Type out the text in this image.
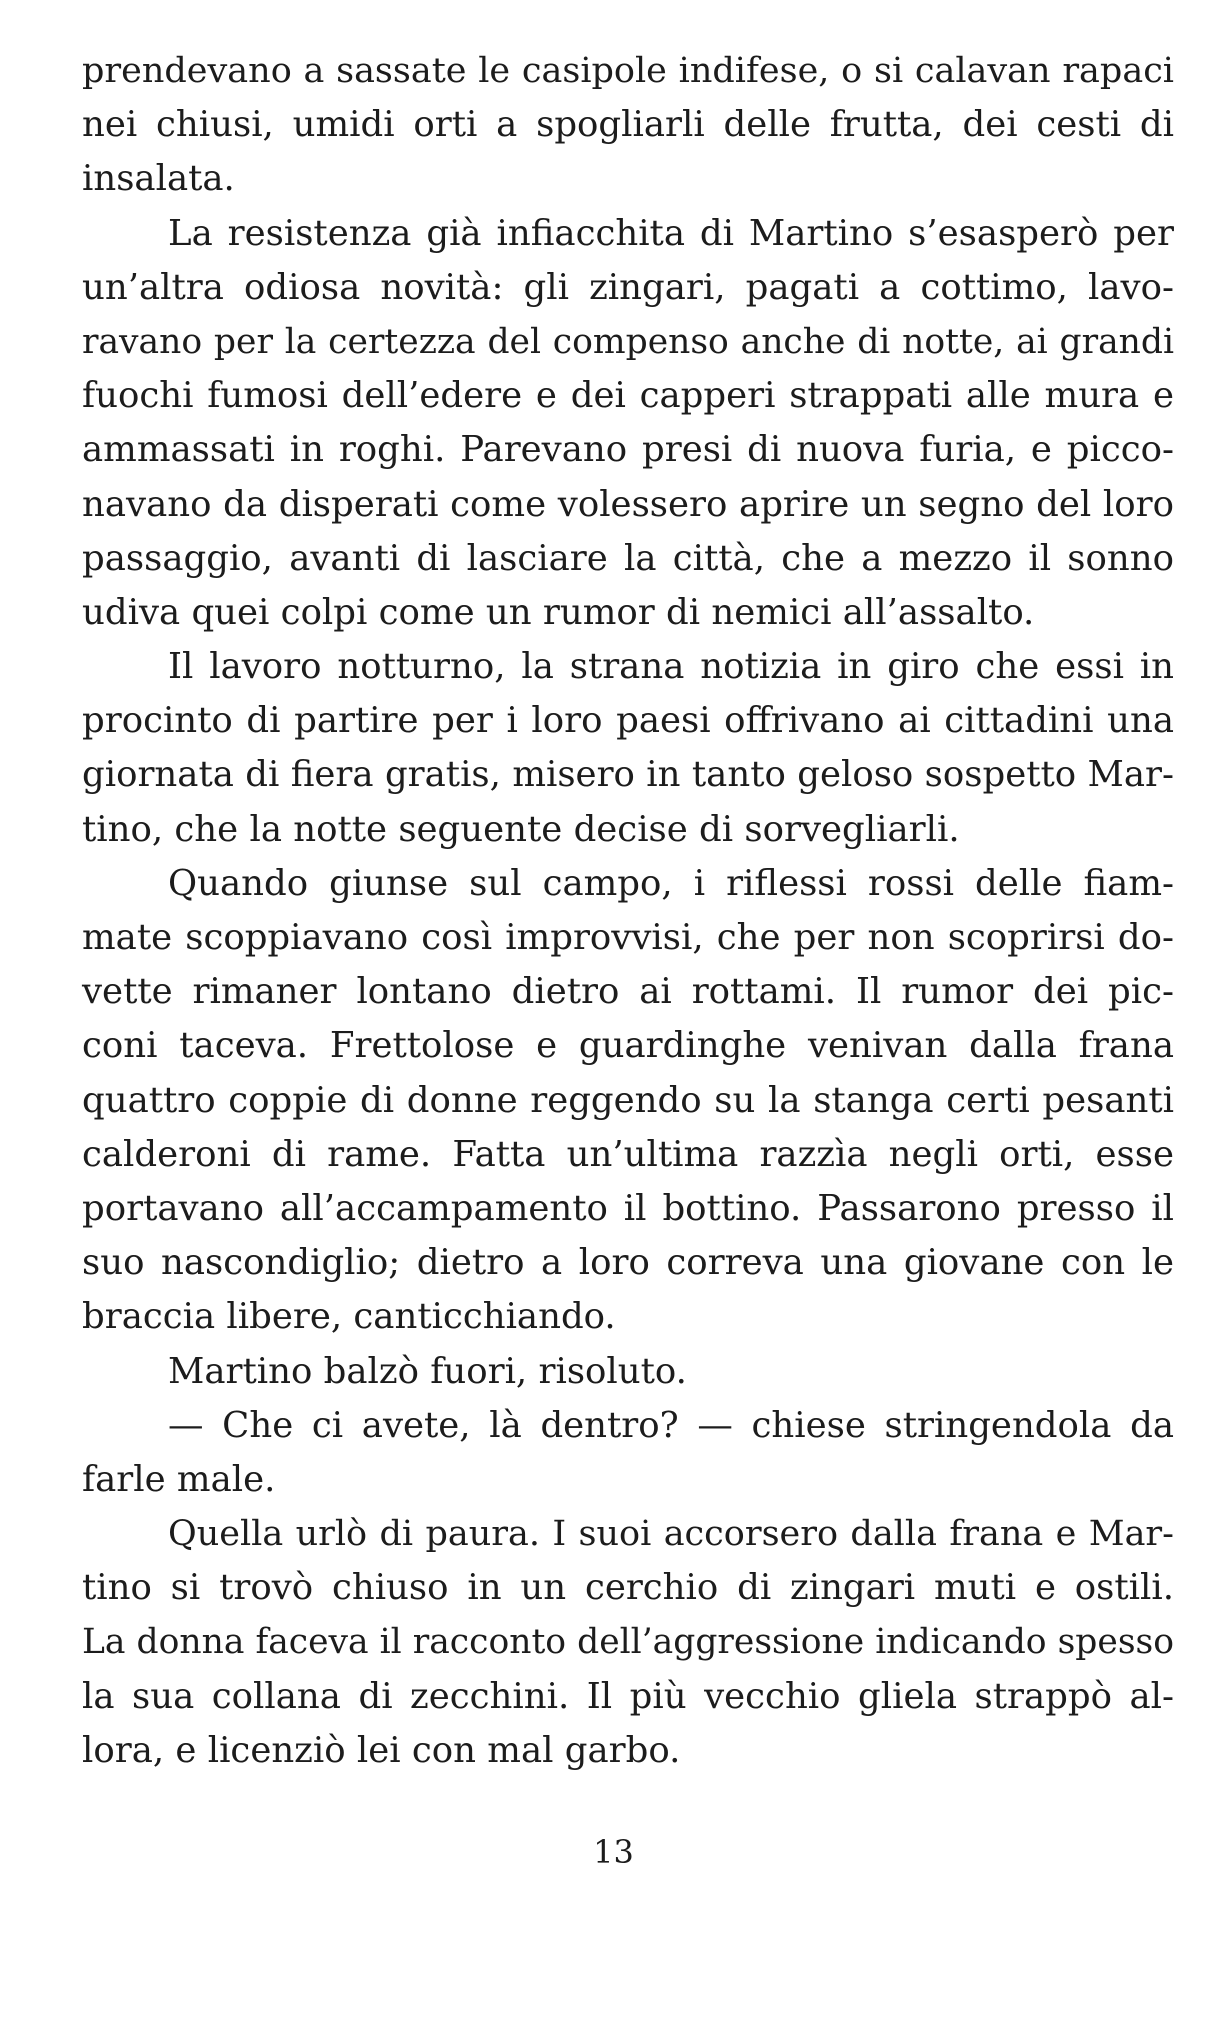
prendevano a sassate le casipole indifese, o si calavan rapaci
nei chiusi, umidi orti a spogliarli delle frutta, dei cesti di
insalata.
La resistenza già infiacchita di Martino s’esasperò per
un’altra odiosa novità: gli zingari, pagati a cottimo, lavo-
ravano per la certezza del compenso anche di notte, ai grandi
fuochi fumosi dell’edere e dei capperi strappati alle mura e
ammassati in roghi. Parevano presi di nuova furia, e picco-
navano da disperati come volessero aprire un segno del loro
passaggio, avanti di lasciare la città, che a mezzo il sonno
udiva quei colpi come un rumor di nemici all’assalto.
Il lavoro notturno, la strana notizia in giro che essi in
procinto di partire per i loro paesi offrivano ai cittadini una
giornata di fiera gratis, misero in tanto geloso sospetto Mar-
tino, che la notte seguente decise di sorvegliarli.
Quando giunse sul campo, i riflessi rossi delle fiam-
mate scoppiavano così improvvisi, che per non scoprirsi do-
vette rimaner lontano dietro ai rottami. Il rumor dei pic-
coni taceva. Frettolose e guardinghe venivan dalla frana
quattro coppie di donne reggendo su la stanga certi pesanti
calderoni di rame. Fatta un’ultima razzìa negli orti, esse
portavano all’accampamento il bottino. Passarono presso il
suo nascondiglio; dietro a loro correva una giovane con le
braccia libere, canticchiando.
Martino balzò fuori, risoluto.
— Che ci avete, là dentro? — chiese stringendola da
farle male.
Quella urlò di paura. I suoi accorsero dalla frana e Mar-
tino si trovò chiuso in un cerchio di zingari muti e ostili.
La donna faceva il racconto dell’aggressione indicando spesso
la sua collana di zecchini. Il più vecchio gliela strappò al-
lora, e licenziò lei con mal garbo.
13
